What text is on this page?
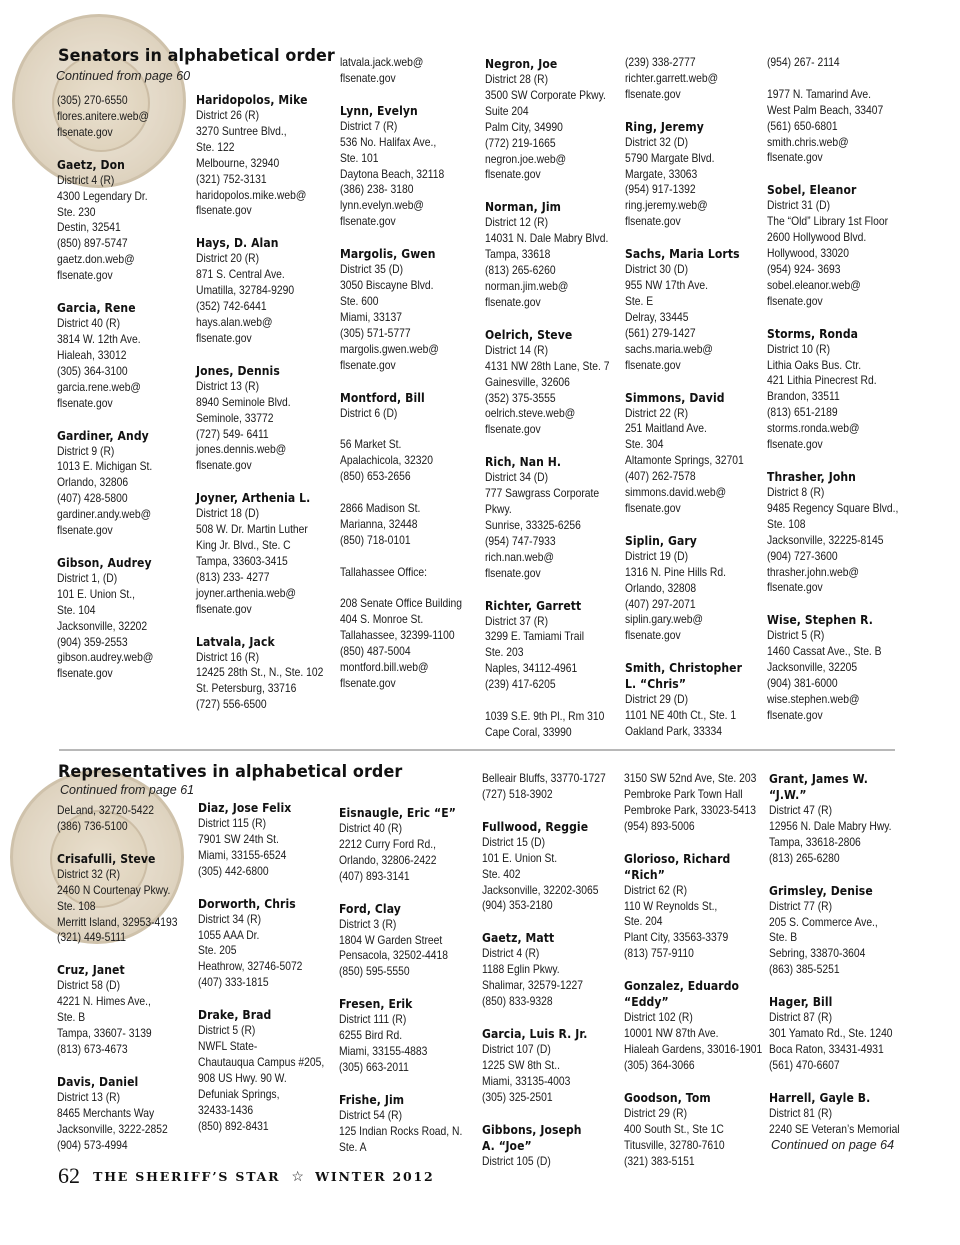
Senators in alphabetical order
Continued from page 60
(305) 270-6550
flores.anitere.web@
flsenate.gov
Gaetz, Don
District 4 (R)
4300 Legendary Dr.
Ste. 230
Destin, 32541
(850) 897-5747
gaetz.don.web@
flsenate.gov
Garcia, Rene
District 40 (R)
3814 W. 12th Ave.
Hialeah, 33012
(305) 364-3100
garcia.rene.web@
flsenate.gov
Gardiner, Andy
District 9 (R)
1013 E. Michigan St.
Orlando, 32806
(407) 428-5800
gardiner.andy.web@
flsenate.gov
Gibson, Audrey
District 1, (D)
101 E. Union St.,
Ste. 104
Jacksonville, 32202
(904) 359-2553
gibson.audrey.web@
flsenate.gov
Haridopolos, Mike
District 26 (R)
3270 Suntree Blvd.,
Ste. 122
Melbourne, 32940
(321) 752-3131
haridopolos.mike.web@
flsenate.gov
Hays, D. Alan
District 20 (R)
871 S. Central Ave.
Umatilla, 32784-9290
(352) 742-6441
hays.alan.web@
flsenate.gov
Jones, Dennis
District 13 (R)
8940 Seminole Blvd.
Seminole, 33772
(727) 549- 6411
jones.dennis.web@
flsenate.gov
Joyner, Arthenia L.
District 18 (D)
508 W. Dr. Martin Luther
King Jr. Blvd., Ste. C
Tampa, 33603-3415
(813) 233- 4277
joyner.arthenia.web@
flsenate.gov
Latvala, Jack
District 16 (R)
12425 28th St., N., Ste. 102
St. Petersburg, 33716
(727) 556-6500
latvala.jack.web@
flsenate.gov
Lynn, Evelyn
District 7 (R)
536 No. Halifax Ave.,
Ste. 101
Daytona Beach, 32118
(386) 238- 3180
lynn.evelyn.web@
flsenate.gov
Margolis, Gwen
District 35 (D)
3050 Biscayne Blvd.
Ste. 600
Miami, 33137
(305) 571-5777
margolis.gwen.web@
flsenate.gov
Montford, Bill
District 6 (D)
56 Market St.
Apalachicola, 32320
(850) 653-2656
2866 Madison St.
Marianna, 32448
(850) 718-0101
Tallahassee Office:
208 Senate Office Building
404 S. Monroe St.
Tallahassee, 32399-1100
(850) 487-5004
montford.bill.web@
flsenate.gov
Negron, Joe
District 28 (R)
3500 SW Corporate Pkwy.
Suite 204
Palm City, 34990
(772) 219-1665
negron.joe.web@
flsenate.gov
Norman, Jim
District 12 (R)
14031 N. Dale Mabry Blvd.
Tampa, 33618
(813) 265-6260
norman.jim.web@
flsenate.gov
Oelrich, Steve
District 14 (R)
4131 NW 28th Lane, Ste. 7
Gainesville, 32606
(352) 375-3555
oelrich.steve.web@
flsenate.gov
Rich, Nan H.
District 34 (D)
777 Sawgrass Corporate
Pkwy.
Sunrise, 33325-6256
(954) 747-7933
rich.nan.web@
flsenate.gov
Richter, Garrett
District 37 (R)
3299 E. Tamiami Trail
Ste. 203
Naples, 34112-4961
(239) 417-6205
1039 S.E. 9th Pl., Rm 310
Cape Coral, 33990
(239) 338-2777
richter.garrett.web@
flsenate.gov
Ring, Jeremy
District 32 (D)
5790 Margate Blvd.
Margate, 33063
(954) 917-1392
ring.jeremy.web@
flsenate.gov
Sachs, Maria Lorts
District 30 (D)
955 NW 17th Ave.
Ste. E
Delray, 33445
(561) 279-1427
sachs.maria.web@
flsenate.gov
Simmons, David
District 22 (R)
251 Maitland Ave.
Ste. 304
Altamonte Springs, 32701
(407) 262-7578
simmons.david.web@
flsenate.gov
Siplin, Gary
District 19 (D)
1316 N. Pine Hills Rd.
Orlando, 32808
(407) 297-2071
siplin.gary.web@
flsenate.gov
Smith, Christopher
L. “Chris”
District 29 (D)
1101 NE 40th Ct., Ste. 1
Oakland Park, 33334
(954) 267- 2114
1977 N. Tamarind Ave.
West Palm Beach, 33407
(561) 650-6801
smith.chris.web@
flsenate.gov
Sobel, Eleanor
District 31 (D)
The “Old” Library 1st Floor
2600 Hollywood Blvd.
Hollywood, 33020
(954) 924- 3693
sobel.eleanor.web@
flsenate.gov
Storms, Ronda
District 10 (R)
Lithia Oaks Bus. Ctr.
421 Lithia Pinecrest Rd.
Brandon, 33511
(813) 651-2189
storms.ronda.web@
flsenate.gov
Thrasher, John
District 8 (R)
9485 Regency Square Blvd.,
Ste. 108
Jacksonville, 32225-8145
(904) 727-3600
thrasher.john.web@
flsenate.gov
Wise, Stephen R.
District 5 (R)
1460 Cassat Ave., Ste. B
Jacksonville, 32205
(904) 381-6000
wise.stephen.web@
flsenate.gov
Representatives in alphabetical order
Continued from page 61
DeLand, 32720-5422
(386) 736-5100
Crisafulli, Steve
District 32 (R)
2460 N Courtenay Pkwy.
Ste. 108
Merritt Island, 32953-4193
(321) 449-5111
Cruz, Janet
District 58 (D)
4221 N. Himes Ave.,
Ste. B
Tampa, 33607- 3139
(813) 673-4673
Davis, Daniel
District 13 (R)
8465 Merchants Way
Jacksonville, 3222-2852
(904) 573-4994
Diaz, Jose Felix
District 115 (R)
7901 SW 24th St.
Miami, 33155-6524
(305) 442-6800
Dorworth, Chris
District 34 (R)
1055 AAA Dr.
Ste. 205
Heathrow, 32746-5072
(407) 333-1815
Drake, Brad
District 5 (R)
NWFL State-
Chautauqua Campus #205,
908 US Hwy. 90 W.
Defuniak Springs,
32433-1436
(850) 892-8431
Eisnaugle, Eric “E”
District 40 (R)
2212 Curry Ford Rd.,
Orlando, 32806-2422
(407) 893-3141
Ford, Clay
District 3 (R)
1804 W Garden Street
Pensacola, 32502-4418
(850) 595-5550
Fresen, Erik
District 111 (R)
6255 Bird Rd.
Miami, 33155-4883
(305) 663-2011
Frishe, Jim
District 54 (R)
125 Indian Rocks Road, N.
Ste. A
Belleair Bluffs, 33770-1727
(727) 518-3902
Fullwood, Reggie
District 15 (D)
101 E. Union St.
Ste. 402
Jacksonville, 32202-3065
(904) 353-2180
Gaetz, Matt
District 4 (R)
1188 Eglin Pkwy.
Shalimar, 32579-1227
(850) 833-9328
Garcia, Luis R. Jr.
District 107 (D)
1225 SW 8th St..
Miami, 33135-4003
(305) 325-2501
Gibbons, Joseph
A. “Joe”
District 105 (D)
3150 SW 52nd Ave, Ste. 203
Pembroke Park Town Hall
Pembroke Park, 33023-5413
(954) 893-5006
Glorioso, Richard
“Rich”
District 62 (R)
110 W Reynolds St.,
Ste. 204
Plant City, 33563-3379
(813) 757-9110
Gonzalez, Eduardo
“Eddy”
District 102 (R)
10001 NW 87th Ave.
Hialeah Gardens, 33016-1901
(305) 364-3066
Goodson, Tom
District 29 (R)
400 South St., Ste 1C
Titusville, 32780-7610
(321) 383-5151
Grant, James W.
“J.W.”
District 47 (R)
12956 N. Dale Mabry Hwy.
Tampa, 33618-2806
(813) 265-6280
Grimsley, Denise
District 77 (R)
205 S. Commerce Ave.,
Ste. B
Sebring, 33870-3604
(863) 385-5251
Hager, Bill
District 87 (R)
301 Yamato Rd., Ste. 1240
Boca Raton, 33431-4931
(561) 470-6607
Harrell, Gayle B.
District 81 (R)
2240 SE Veteran’s Memorial
Continued on page 64
62 THE SHERIFF’S STAR ☆ WINTER 2012
